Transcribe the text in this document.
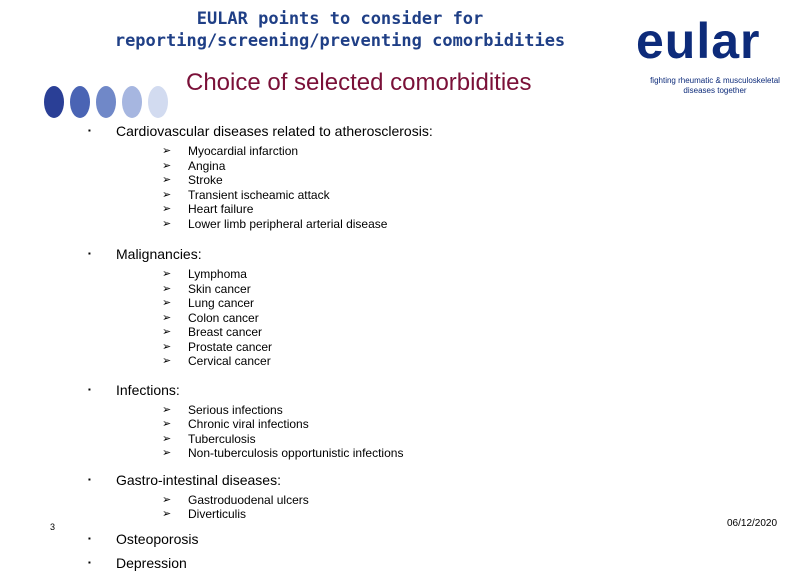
EULAR points to consider for
reporting/screening/preventing comorbidities
Choice of selected comorbidities
eular
fighting rheumatic & musculoskeletal
diseases together
▪	Cardiovascular diseases related to atherosclerosis:
➢ Myocardial infarction
➢ Angina
➢ Stroke
➢ Transient ischeamic attack
➢ Heart failure
➢ Lower limb peripheral arterial disease
▪	Malignancies:
➢ Lymphoma
➢ Skin cancer
➢ Lung cancer
➢ Colon cancer
➢ Breast cancer
➢ Prostate cancer
➢ Cervical cancer
▪	Infections:
➢ Serious infections
➢ Chronic viral infections
➢ Tuberculosis
➢ Non-tuberculosis opportunistic infections
▪	Gastro-intestinal diseases:
➢ Gastroduodenal ulcers
➢ Diverticulis
▪	Osteoporosis
▪	Depression
3	06/12/2020
